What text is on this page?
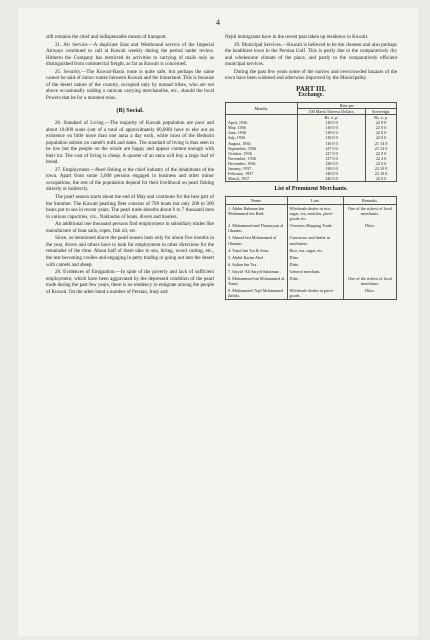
4

still remains the chief and indispensable means of transport.

21. Air Service.—A duplicate East and Westbound service of the Imperial Airways continued to call at Kuwait weekly during the period under review. Hitherto the Company has restricted its activities to carrying of mails only as distinguished from commercial freight, as far as Kuwait is concerned.

25. Security.—The Kuwait-Basra route is quite safe, but perhaps the same cannot be said of minor routes between Kuwait and the hinterland. This is because of the desert nature of the country, occupied only by nomad tribes, who are not above occasionally raiding a caravan carrying merchandise, etc., should the local Powers that be for a moment relax.

(B) Social.

26. Standard of Living.—The majority of Kuwait population are poor and about 10,000 souls (out of a total of approximately 60,000) have to eke out an existence on little more than one anna a day each, while most of the Beduoin population subsist on camel's milk and dates. The standard of living is thus seen to be low but the people on the whole are happy and appear content enough with their lot. The cost of living is cheap. A quarter of an anna will buy a large loaf of bread.

27. Employment.—Pearl fishing is the chief industry of the inhabitants of the town. Apart from some 3,000 persons engaged in business and other minor occupations, the rest of the population depend for their livelihood on pearl fishing directly or indirectly.

The pearl season starts about the end of May and continues for the best part of the Summer. The Kuwait pearling fleet consists of 700 boats but only 200 to 300 boats put to sea in recent years. The pearl trade absorbs about 6 to 7 thousand men in various capacities, viz., Nakhudas of boats, divers and haulers.

An additional one thousand persons find employment in subsidiary trades like manufacture of boat sails, ropes, fish oil, etc.

Since, as mentioned above the pearl season lasts only for about five months in the year, divers and others have to look for employment in other directions for the remainder of the time. About half of them take to sea, hiring, wood cutting, etc., the rest becoming coolies and engaging in petty trading or going out into the desert with camels and sheep.

28. Evidences of Emigration.—In spite of the poverty and lack of sufficient employment, which have been aggravated by the depressed condition of the pearl trade during the past few years, there is no tendency to emigrate among the people of Kuwait. On the other hand a number of Persian, Iraqi and

Nejdi immigrants have in the recent past taken up residence in Kuwait.

29. Municipal Services.—Kuwait is believed to be the cleanest and also perhaps the healthiest town in the Persian Gulf. This is partly due to the comparatively dry and wholesome climate of the place, and partly to the comparatively efficient municipal services.

During the past few years some of the narrow and overcrowded bazaars of the town have been widened and otherwise improved by the Municipality.

PART III.
Exchange.
Months.	Rate per	
	100 Maria Theresa Dollars.	Sovereign.
	Rs. a. p.	Rs. a. p.
April, 1936	110 0 0	22 0 0
May, 1936	110 0 0	22 0 0
June, 1936	118 0 0	22 0 0
July, 1936	110 0 0	22 0 0
August, 1936	116 0 0	21 14 0
September, 1936	127 0 0	21 12 0
October, 1936	127 0 0	22 0 0
November, 1936	127 0 0	22 4 0
December, 1936	128 0 0	22 0 0
January, 1937	138 0 0	22 10 0
February, 1937	140 0 0	22 10 0
March, 1937	140 0 0	22 0 0
List of Prominent Merchants.
Name.	Line.	Remarks.
1. Abdur Rahman bin Mohammed bin Badr.	Wholesale dealer in rice, sugar, tea, matches, piece-goods etc.	One of the richest of local merchants.
2. Mohammed and Thunayyan al Ghanim.	Overseas Shipping Trade.	Ditto.
3. Ahmed bin Mohammed al Ghanim.	Contractor and dealer in machinery.	
4. Yusuf bin 'Isa & Sons.	Rice, tea, sugar, etc.	
5. Abdul Karim Abel .	Ditto.	
6. Sultan bin 'Isa .	Ditto.	
7. Saiyid 'Ali Saiyid Sulaiman .	General merchant.	
8. Mohammed bin Mohammed al Yusuf.	Ditto .	One of the richest of local merchants.
9. Mohammed 'Aqil Mohammed Zaibia.	Wholesale dealer in piece-goods.	Ditto.
